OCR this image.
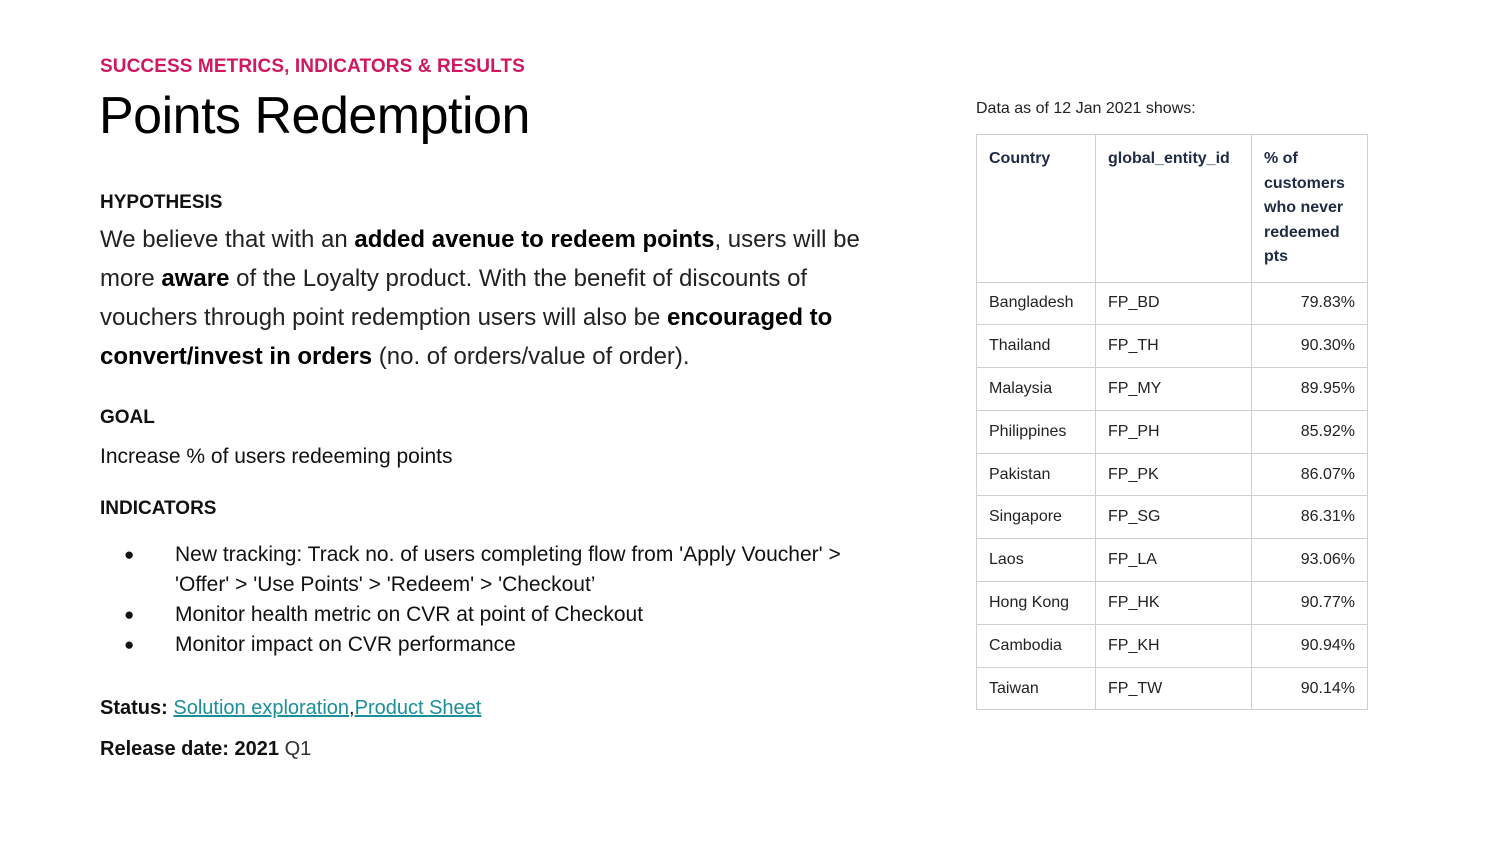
SUCCESS METRICS, INDICATORS & RESULTS
Points Redemption
HYPOTHESIS
We believe that with an added avenue to redeem points, users will be more aware of the Loyalty product. With the benefit of discounts of vouchers through point redemption users will also be encouraged to convert/invest in orders (no. of orders/value of order).
GOAL
Increase % of users redeeming points
INDICATORS
● New tracking: Track no. of users completing flow from 'Apply Voucher' > 'Offer' > 'Use Points' > 'Redeem' > 'Checkout’
● Monitor health metric on CVR at point of Checkout
● Monitor impact on CVR performance
Status: Solution exploration,Product Sheet
Release date: 2021 Q1
Data as of 12 Jan 2021 shows:
Country	global_entity_id	% of customers who never redeemed pts
Bangladesh	FP_BD	79.83%
Thailand	FP_TH	90.30%
Malaysia	FP_MY	89.95%
Philippines	FP_PH	85.92%
Pakistan	FP_PK	86.07%
Singapore	FP_SG	86.31%
Laos	FP_LA	93.06%
Hong Kong	FP_HK	90.77%
Cambodia	FP_KH	90.94%
Taiwan	FP_TW	90.14%
